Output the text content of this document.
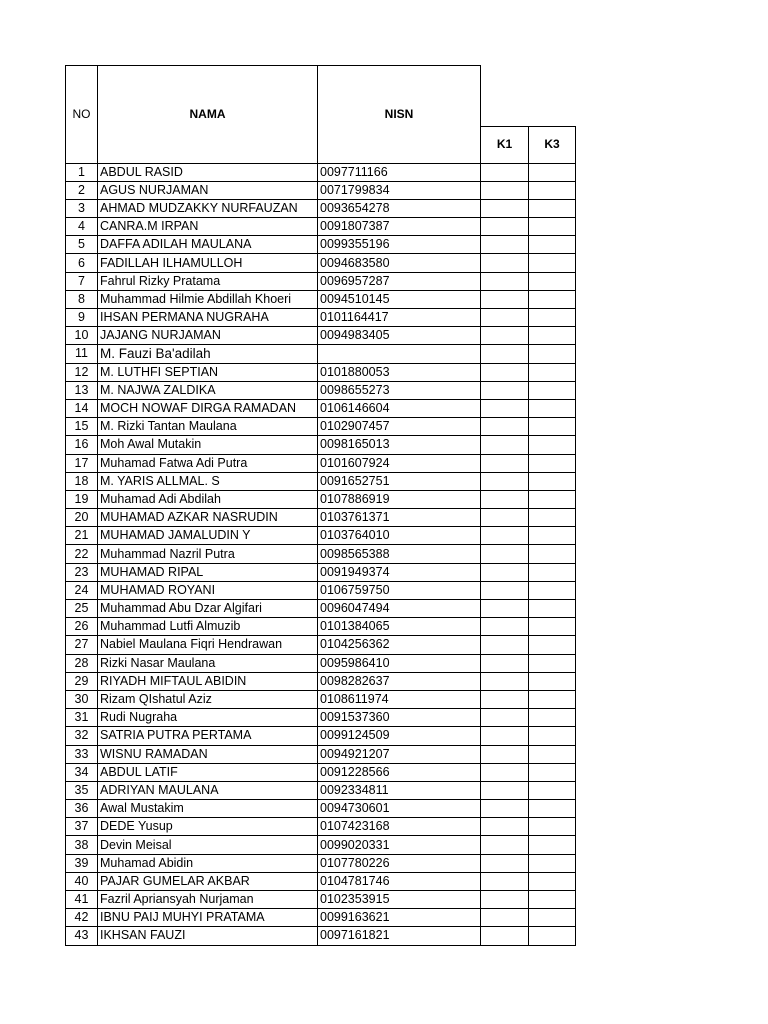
NO	NAMA	NISN		
			K1	K3
1	ABDUL RASID	0097711166		
2	AGUS NURJAMAN	0071799834		
3	AHMAD MUDZAKKY NURFAUZAN	0093654278		
4	CANRA.M IRPAN	0091807387		
5	DAFFA ADILAH MAULANA	0099355196		
6	FADILLAH ILHAMULLOH	0094683580		
7	Fahrul Rizky Pratama	0096957287		
8	Muhammad Hilmie Abdillah Khoeri	0094510145		
9	IHSAN PERMANA NUGRAHA	0101164417		
10	JAJANG NURJAMAN	0094983405		
11	M. Fauzi Ba'adilah			
12	M. LUTHFI SEPTIAN	0101880053		
13	M. NAJWA ZALDIKA	0098655273		
14	MOCH NOWAF DIRGA RAMADAN	0106146604		
15	M. Rizki Tantan Maulana	0102907457		
16	Moh Awal Mutakin	0098165013		
17	Muhamad Fatwa Adi Putra	0101607924		
18	M. YARIS ALLMAL. S	0091652751		
19	Muhamad Adi Abdilah	0107886919		
20	MUHAMAD AZKAR NASRUDIN	0103761371		
21	MUHAMAD JAMALUDIN Y	0103764010		
22	Muhammad Nazril Putra	0098565388		
23	MUHAMAD RIPAL	0091949374		
24	MUHAMAD ROYANI	0106759750		
25	Muhammad Abu Dzar Algifari	0096047494		
26	Muhammad Lutfi Almuzib	0101384065		
27	Nabiel Maulana Fiqri Hendrawan	0104256362		
28	Rizki Nasar Maulana	0095986410		
29	RIYADH MIFTAUL ABIDIN	0098282637		
30	Rizam QIshatul Aziz	0108611974		
31	Rudi Nugraha	0091537360		
32	SATRIA PUTRA PERTAMA	0099124509		
33	WISNU RAMADAN	0094921207		
34	ABDUL LATIF	0091228566		
35	ADRIYAN MAULANA	0092334811		
36	Awal Mustakim	0094730601		
37	DEDE Yusup	0107423168		
38	Devin Meisal	0099020331		
39	Muhamad Abidin	0107780226		
40	PAJAR GUMELAR AKBAR	0104781746		
41	Fazril Apriansyah Nurjaman	0102353915		
42	IBNU PAIJ MUHYI PRATAMA	0099163621		
43	IKHSAN FAUZI	0097161821		
